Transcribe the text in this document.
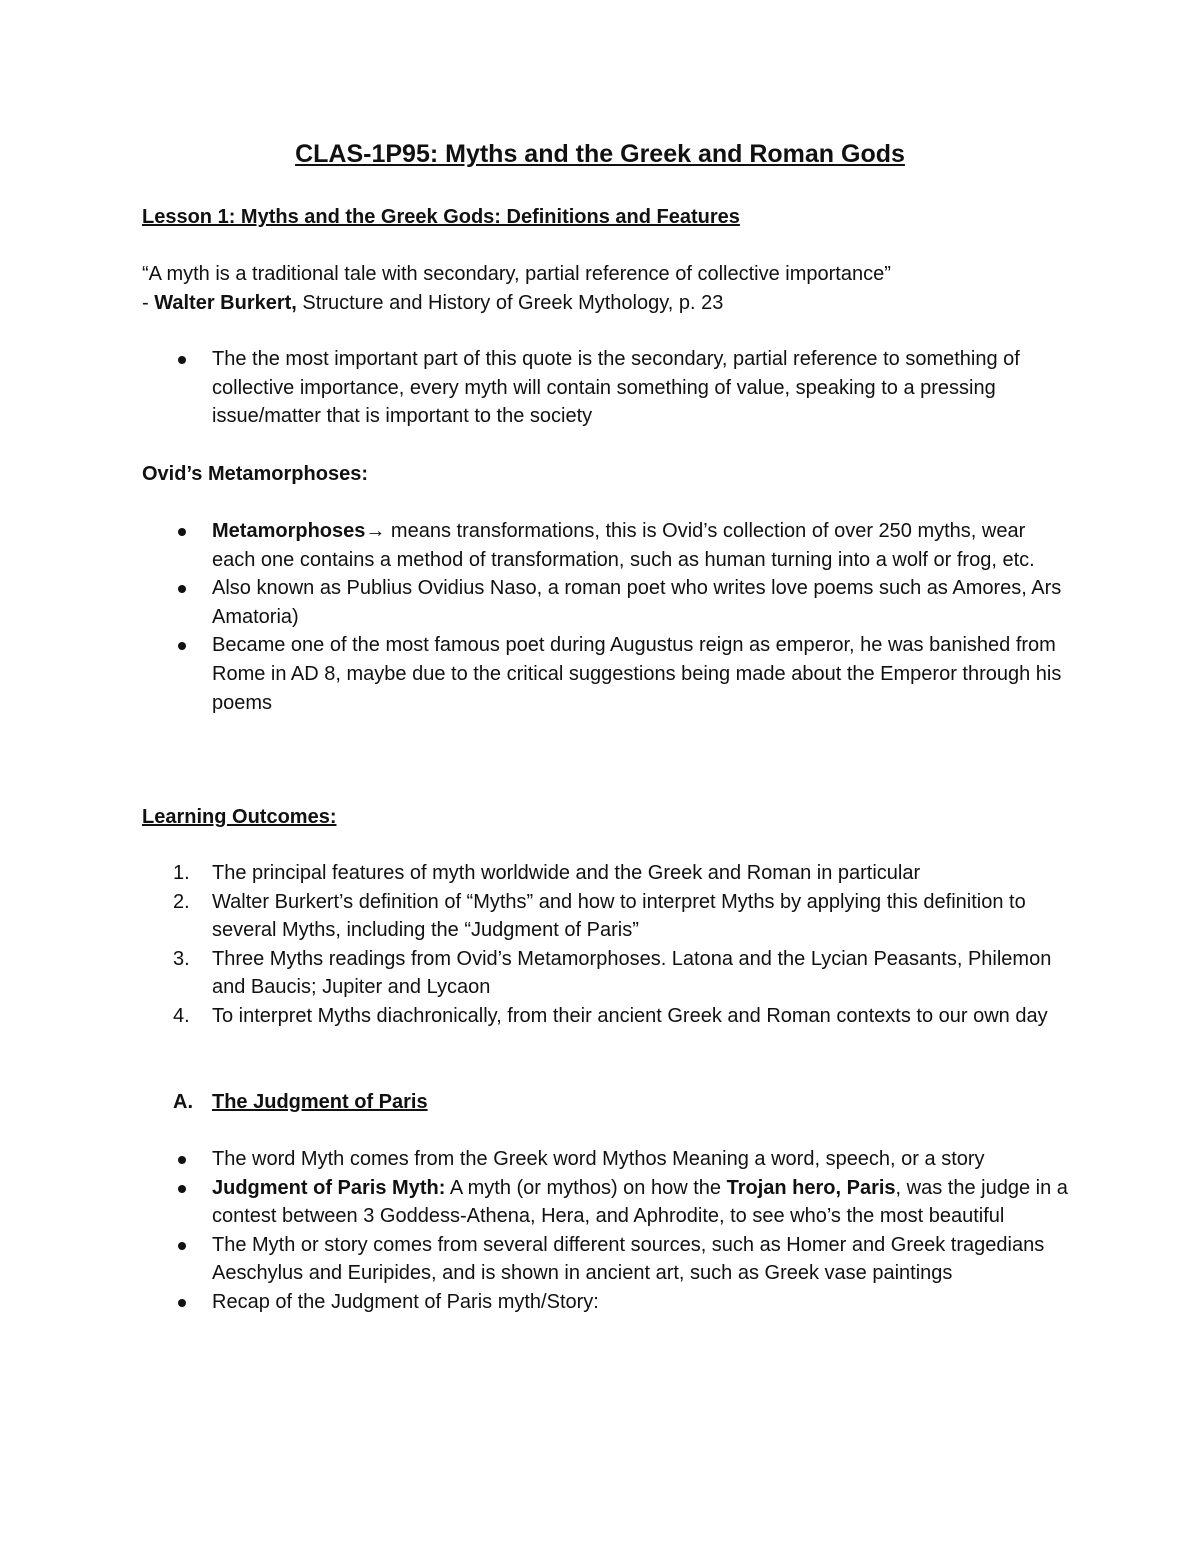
CLAS-1P95: Myths and the Greek and Roman Gods
Lesson 1: Myths and the Greek Gods: Definitions and Features
“A myth is a traditional tale with secondary, partial reference of collective importance”
- Walter Burkert, Structure and History of Greek Mythology, p. 23
The the most important part of this quote is the secondary, partial reference to something of collective importance, every myth will contain something of value, speaking to a pressing issue/matter that is important to the society
Ovid’s Metamorphoses:
Metamorphoses→ means transformations, this is Ovid’s collection of over 250 myths, wear each one contains a method of transformation, such as human turning into a wolf or frog, etc.
Also known as Publius Ovidius Naso, a roman poet who writes love poems such as Amores, Ars Amatoria)
Became one of the most famous poet during Augustus reign as emperor, he was banished from Rome in AD 8, maybe due to the critical suggestions being made about the Emperor through his poems
Learning Outcomes:
1. The principal features of myth worldwide and the Greek and Roman in particular
2. Walter Burkert’s definition of “Myths” and how to interpret Myths by applying this definition to several Myths, including the “Judgment of Paris”
3. Three Myths readings from Ovid’s Metamorphoses. Latona and the Lycian Peasants, Philemon and Baucis; Jupiter and Lycaon
4. To interpret Myths diachronically, from their ancient Greek and Roman contexts to our own day
A. The Judgment of Paris
The word Myth comes from the Greek word Mythos Meaning a word, speech, or a story
Judgment of Paris Myth: A myth (or mythos) on how the Trojan hero, Paris, was the judge in a contest between 3 Goddess-Athena, Hera, and Aphrodite, to see who’s the most beautiful
The Myth or story comes from several different sources, such as Homer and Greek tragedians Aeschylus and Euripides, and is shown in ancient art, such as Greek vase paintings
Recap of the Judgment of Paris myth/Story:
